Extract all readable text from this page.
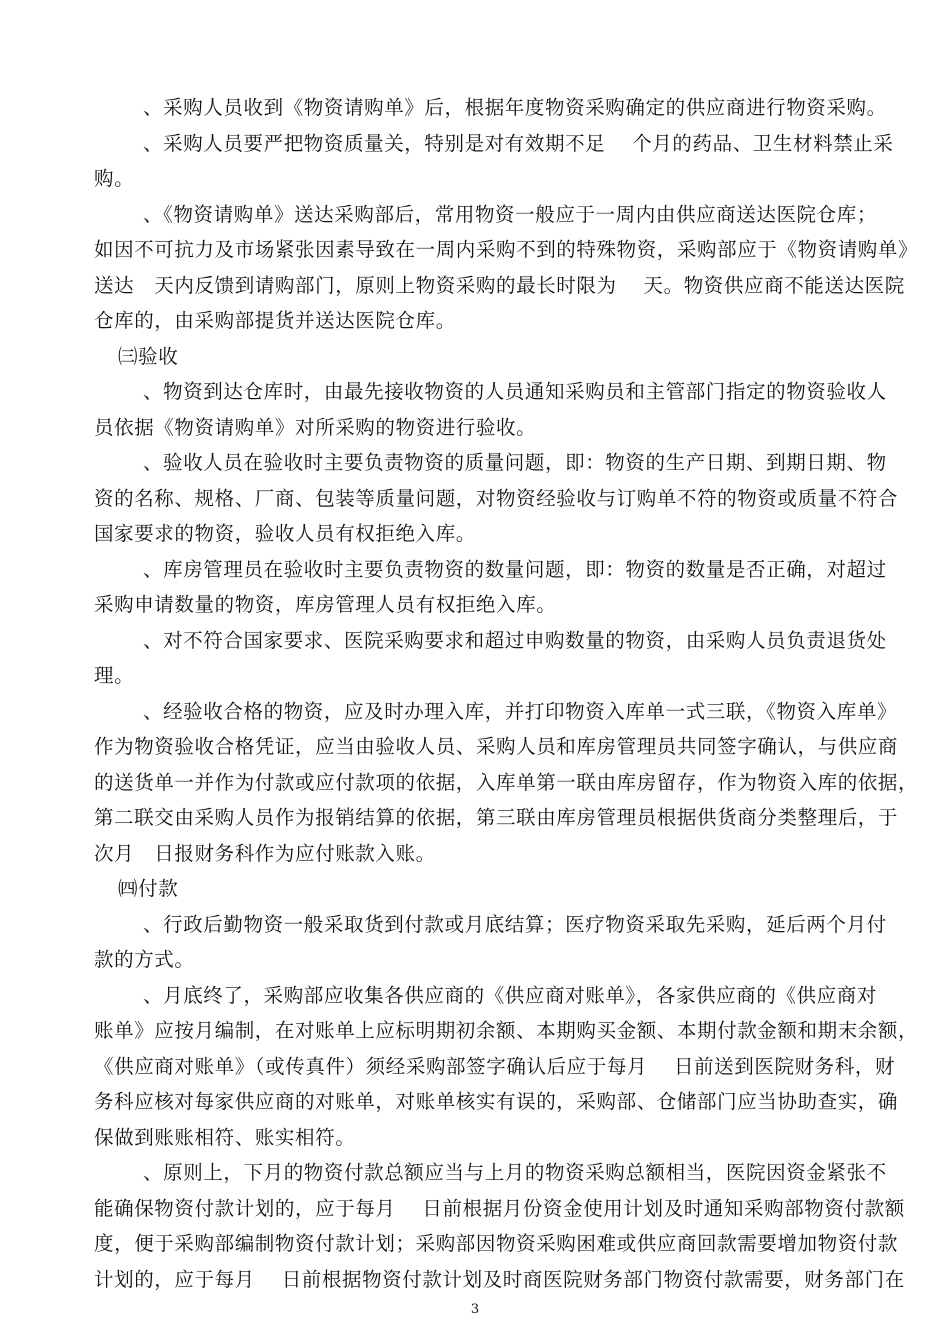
、采购人员收到《物资请购单》后，根据年度物资采购确定的供应商进行物资采购。
、采购人员要严把物资质量关，特别是对有效期不足　 个月的药品、卫生材料禁止采
购。
、《物资请购单》送达采购部后，常用物资一般应于一周内由供应商送达医院仓库；
如因不可抗力及市场紧张因素导致在一周内采购不到的特殊物资，采购部应于《物资请购单》
送达　天内反馈到请购部门，原则上物资采购的最长时限为　 天。物资供应商不能送达医院
仓库的，由采购部提货并送达医院仓库。
㈢验收
、物资到达仓库时，由最先接收物资的人员通知采购员和主管部门指定的物资验收人
员依据《物资请购单》对所采购的物资进行验收。
、验收人员在验收时主要负责物资的质量问题，即：物资的生产日期、到期日期、物
资的名称、规格、厂商、包装等质量问题，对物资经验收与订购单不符的物资或质量不符合
国家要求的物资，验收人员有权拒绝入库。
、库房管理员在验收时主要负责物资的数量问题，即：物资的数量是否正确，对超过
采购申请数量的物资，库房管理人员有权拒绝入库。
、对不符合国家要求、医院采购要求和超过申购数量的物资，由采购人员负责退货处
理。
、经验收合格的物资，应及时办理入库，并打印物资入库单一式三联，《物资入库单》
作为物资验收合格凭证，应当由验收人员、采购人员和库房管理员共同签字确认，与供应商
的送货单一并作为付款或应付款项的依据，入库单第一联由库房留存，作为物资入库的依据，
第二联交由采购人员作为报销结算的依据，第三联由库房管理员根据供货商分类整理后，于
次月　日报财务科作为应付账款入账。
㈣付款
、行政后勤物资一般采取货到付款或月底结算；医疗物资采取先采购，延后两个月付
款的方式。
、月底终了，采购部应收集各供应商的《供应商对账单》，各家供应商的《供应商对
账单》应按月编制，在对账单上应标明期初余额、本期购买金额、本期付款金额和期末余额，
《供应商对账单》（或传真件）须经采购部签字确认后应于每月　 日前送到医院财务科，财
务科应核对每家供应商的对账单，对账单核实有误的，采购部、仓储部门应当协助查实，确
保做到账账相符、账实相符。
、原则上，下月的物资付款总额应当与上月的物资采购总额相当，医院因资金紧张不
能确保物资付款计划的，应于每月　 日前根据月份资金使用计划及时通知采购部物资付款额
度，便于采购部编制物资付款计划；采购部因物资采购困难或供应商回款需要增加物资付款
计划的，应于每月　 日前根据物资付款计划及时商医院财务部门物资付款需要，财务部门在
3
